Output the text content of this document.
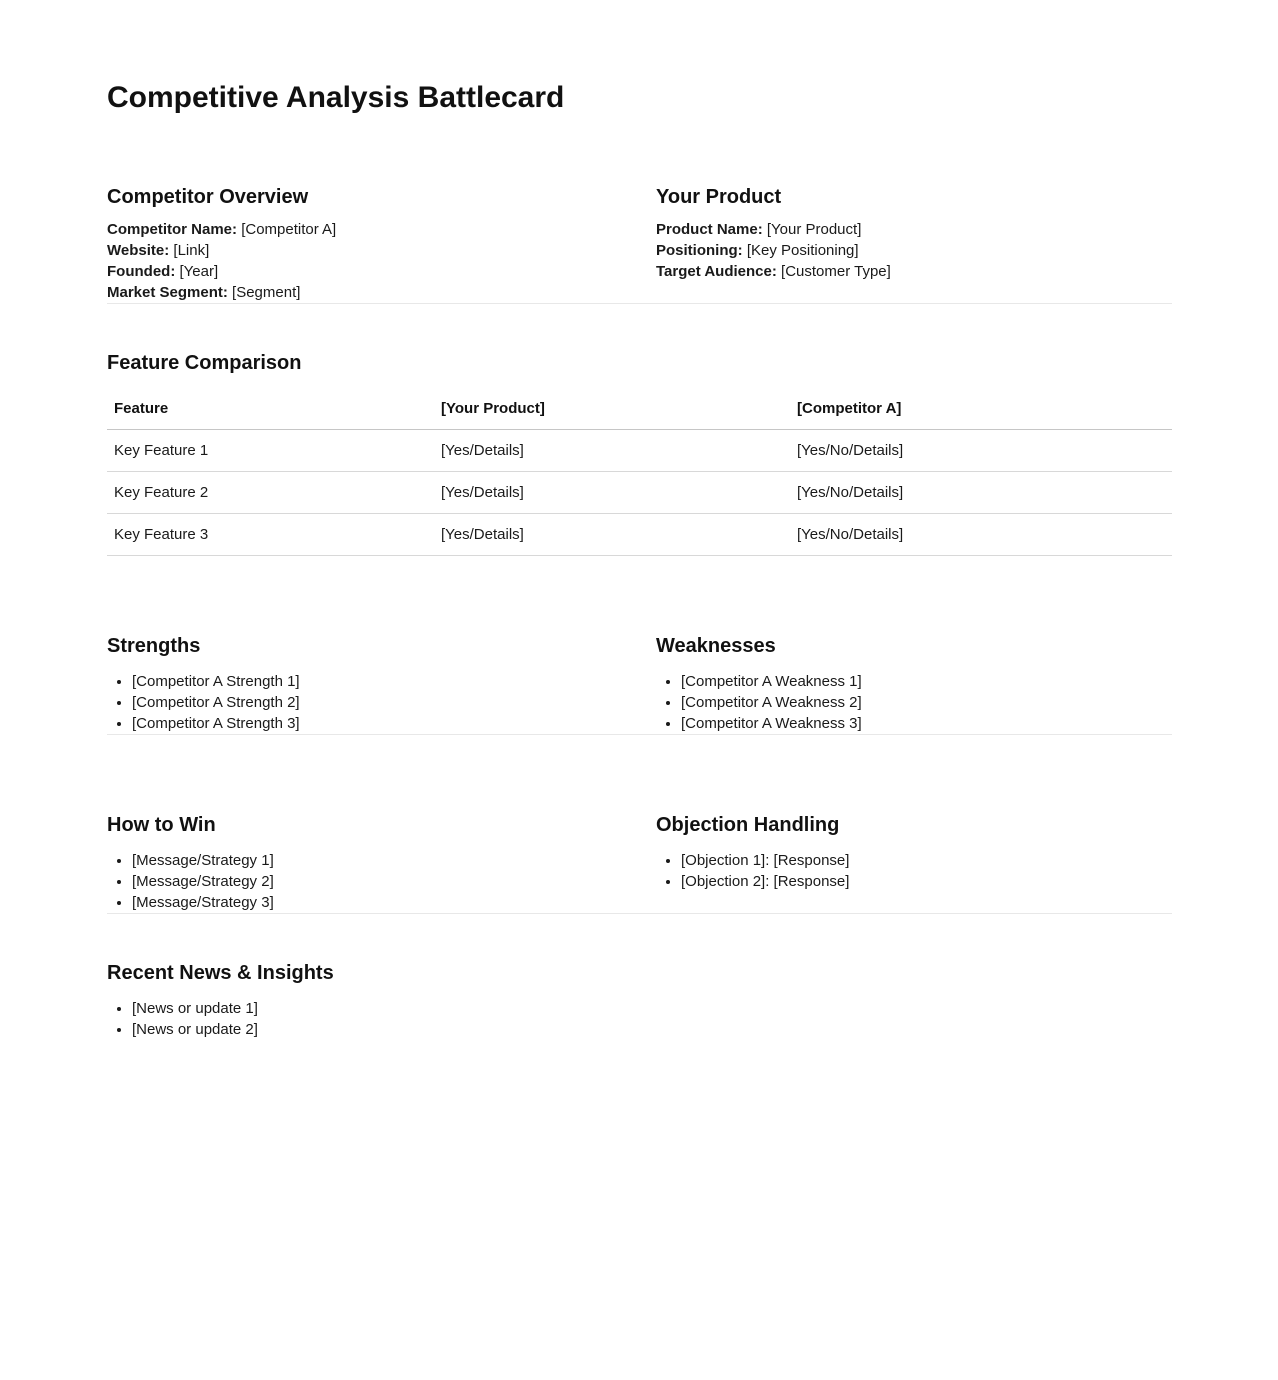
Competitive Analysis Battlecard
Competitor Overview
Competitor Name: [Competitor A]
Website: [Link]
Founded: [Year]
Market Segment: [Segment]
Your Product
Product Name: [Your Product]
Positioning: [Key Positioning]
Target Audience: [Customer Type]
Feature Comparison
Feature	[Your Product]	[Competitor A]
Key Feature 1	[Yes/Details]	[Yes/No/Details]
Key Feature 2	[Yes/Details]	[Yes/No/Details]
Key Feature 3	[Yes/Details]	[Yes/No/Details]
Strengths
• [Competitor A Strength 1]
• [Competitor A Strength 2]
• [Competitor A Strength 3]
Weaknesses
• [Competitor A Weakness 1]
• [Competitor A Weakness 2]
• [Competitor A Weakness 3]
How to Win
• [Message/Strategy 1]
• [Message/Strategy 2]
• [Message/Strategy 3]
Objection Handling
• [Objection 1]: [Response]
• [Objection 2]: [Response]
Recent News & Insights
• [News or update 1]
• [News or update 2]
